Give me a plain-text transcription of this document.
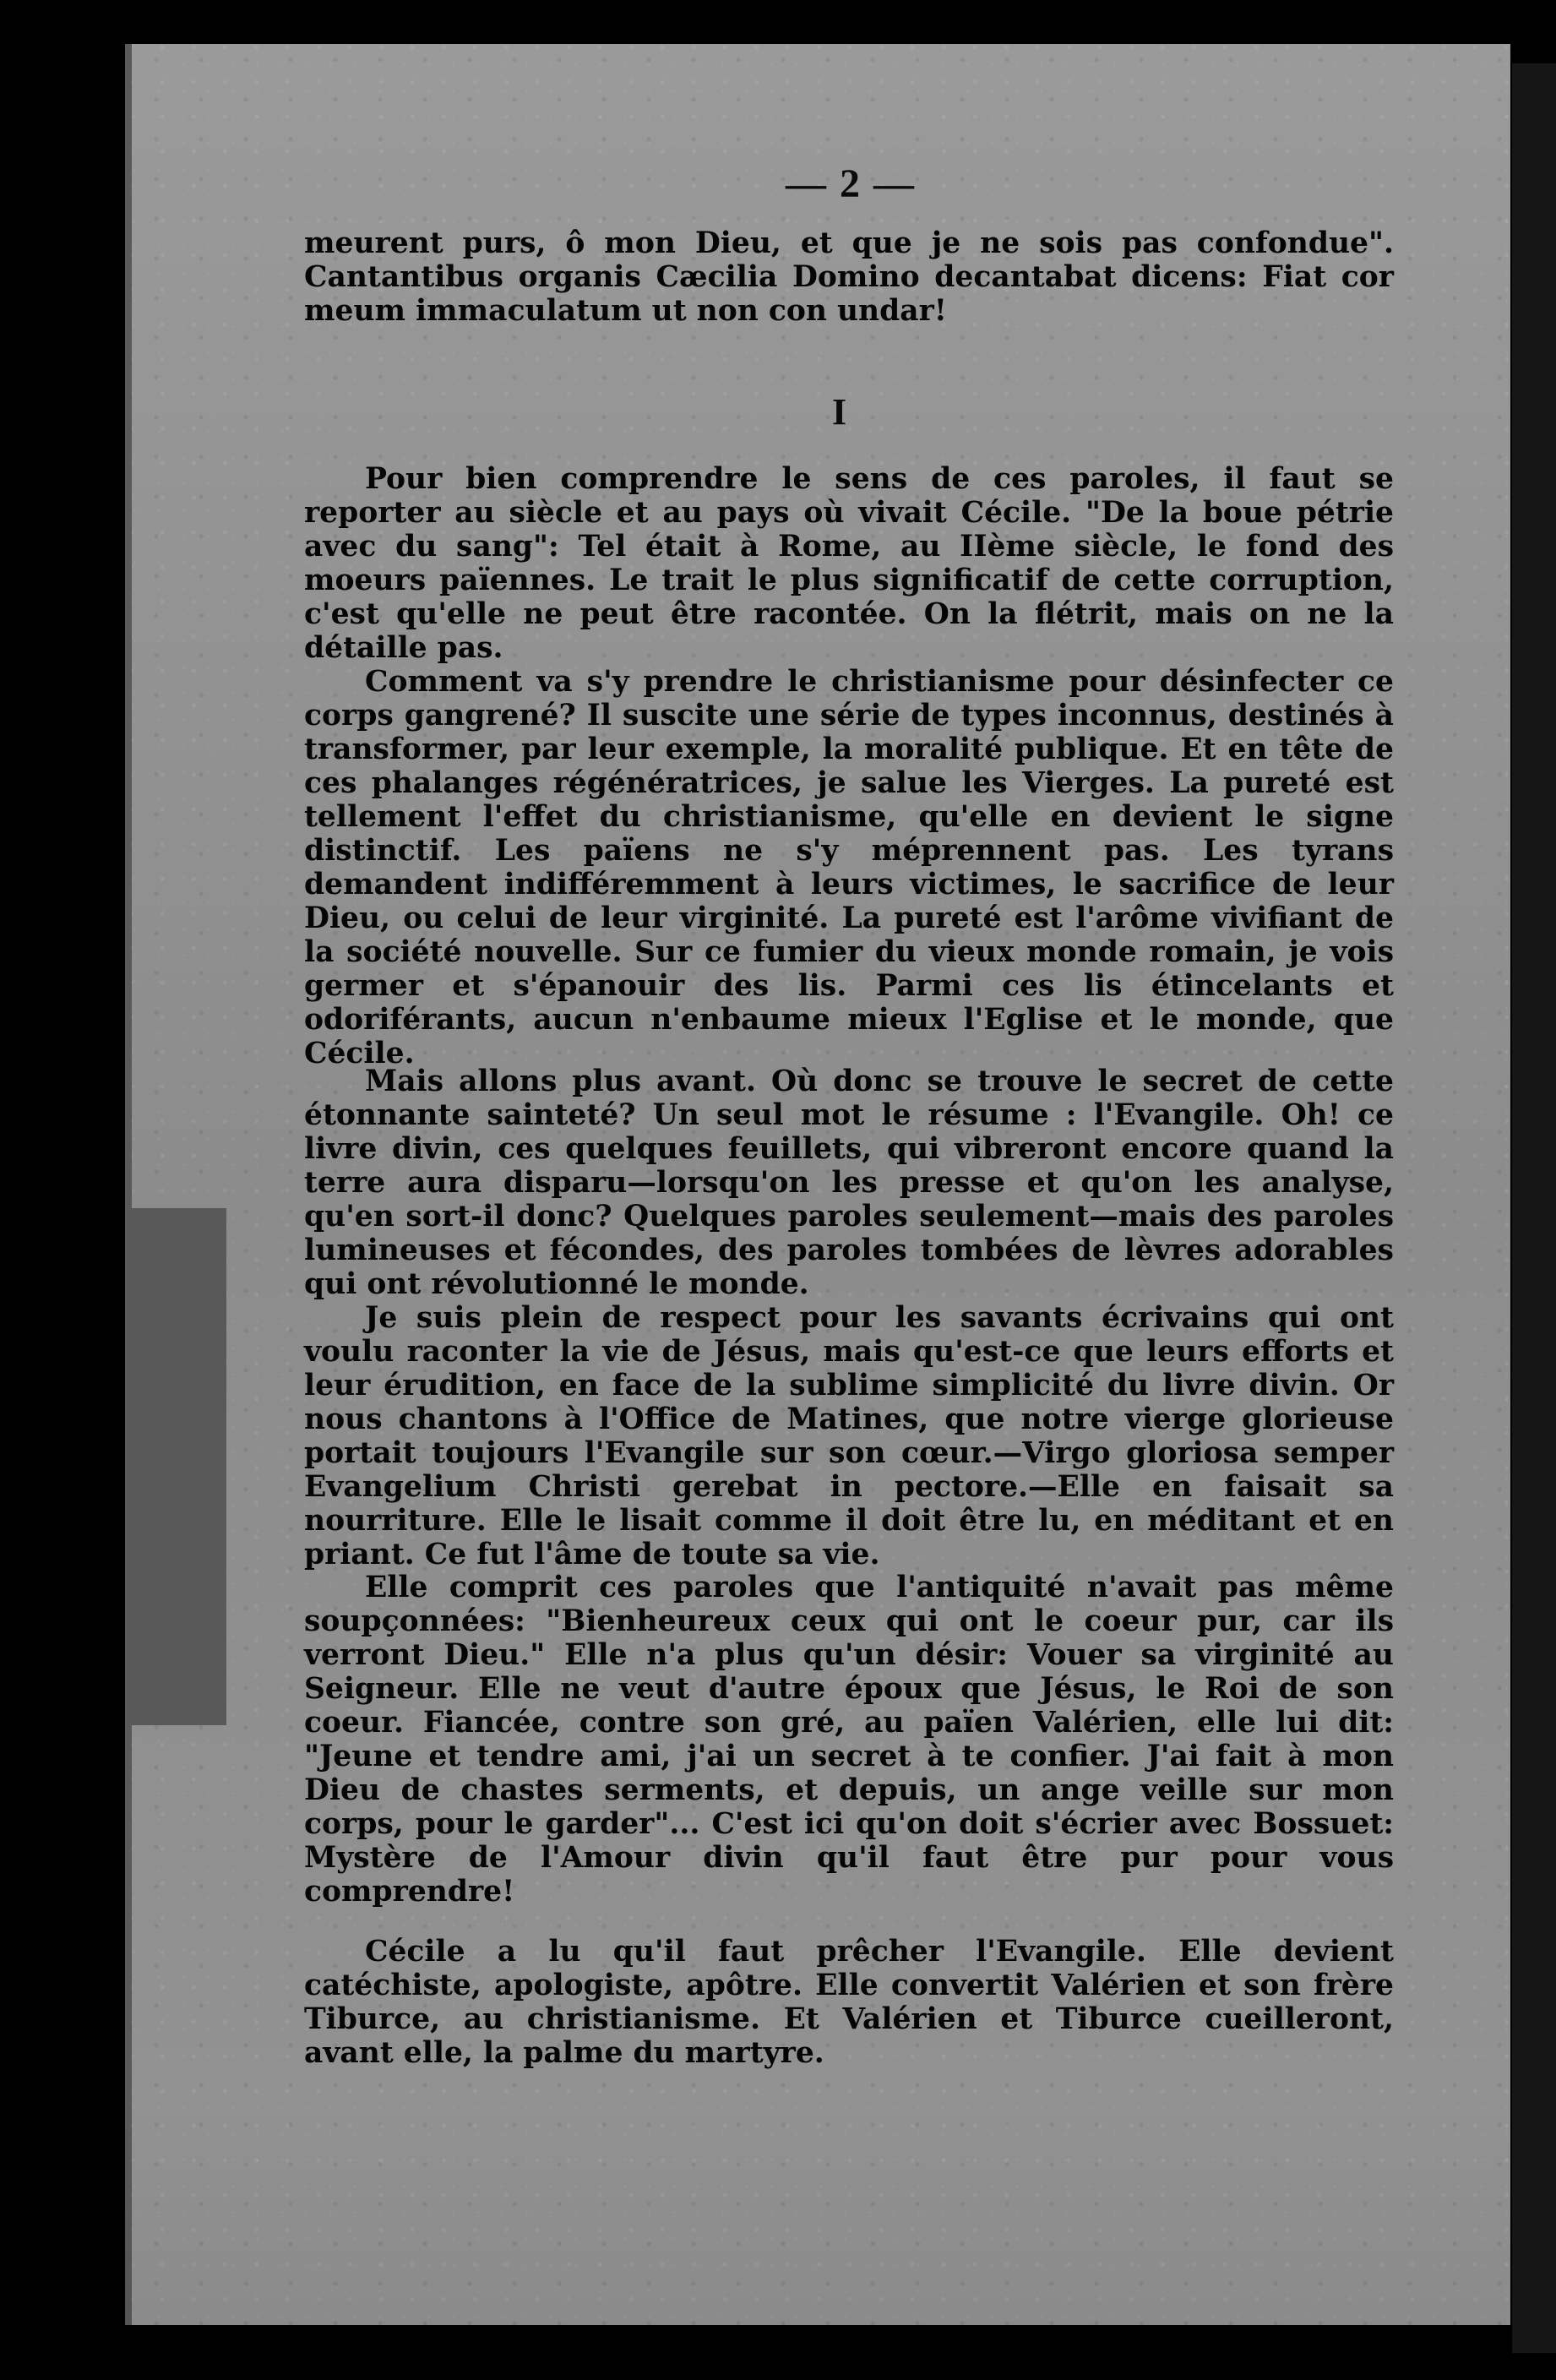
— 2 —

meurent purs, ô mon Dieu, et que je ne sois pas confondue". Cantantibus organis Cæcilia Domino decantabat dicens: Fiat cor meum immaculatum ut non con undar!

I

Pour bien comprendre le sens de ces paroles, il faut se reporter au siècle et au pays où vivait Cécile. "De la boue pétrie avec du sang": Tel était à Rome, au IIème siècle, le fond des moeurs païennes. Le trait le plus significatif de cette corruption, c'est qu'elle ne peut être racontée. On la flétrit, mais on ne la détaille pas.

Comment va s'y prendre le christianisme pour désinfecter ce corps gangrené? Il suscite une série de types inconnus, destinés à transformer, par leur exemple, la moralité publique. Et en tête de ces phalanges régénératrices, je salue les Vierges. La pureté est tellement l'effet du christianisme, qu'elle en devient le signe distinctif. Les païens ne s'y méprennent pas. Les tyrans demandent indifféremment à leurs victimes, le sacrifice de leur Dieu, ou celui de leur virginité. La pureté est l'arôme vivifiant de la société nouvelle. Sur ce fumier du vieux monde romain, je vois germer et s'épanouir des lis. Parmi ces lis étincelants et odoriférants, aucun n'enbaume mieux l'Eglise et le monde, que Cécile.

Mais allons plus avant. Où donc se trouve le secret de cette étonnante sainteté? Un seul mot le résume : l'Evangile. Oh! ce livre divin, ces quelques feuillets, qui vibreront encore quand la terre aura disparu—lorsqu'on les presse et qu'on les analyse, qu'en sort-il donc? Quelques paroles seulement—mais des paroles lumineuses et fécondes, des paroles tombées de lèvres adorables qui ont révolutionné le monde.

Je suis plein de respect pour les savants écrivains qui ont voulu raconter la vie de Jésus, mais qu'est-ce que leurs efforts et leur érudition, en face de la sublime simplicité du livre divin. Or nous chantons à l'Office de Matines, que notre vierge glorieuse portait toujours l'Evangile sur son cœur.—Virgo gloriosa semper Evangelium Christi gerebat in pectore.—Elle en faisait sa nourriture. Elle le lisait comme il doit être lu, en méditant et en priant. Ce fut l'âme de toute sa vie.

Elle comprit ces paroles que l'antiquité n'avait pas même soupçonnées: "Bienheureux ceux qui ont le coeur pur, car ils verront Dieu." Elle n'a plus qu'un désir: Vouer sa virginité au Seigneur. Elle ne veut d'autre époux que Jésus, le Roi de son coeur. Fiancée, contre son gré, au païen Valérien, elle lui dit: "Jeune et tendre ami, j'ai un secret à te confier. J'ai fait à mon Dieu de chastes serments, et depuis, un ange veille sur mon corps, pour le garder"... C'est ici qu'on doit s'écrier avec Bossuet: Mystère de l'Amour divin qu'il faut être pur pour vous comprendre!

Cécile a lu qu'il faut prêcher l'Evangile. Elle devient catéchiste, apologiste, apôtre. Elle convertit Valérien et son frère Tiburce, au christianisme. Et Valérien et Tiburce cueilleront, avant elle, la palme du martyre.
